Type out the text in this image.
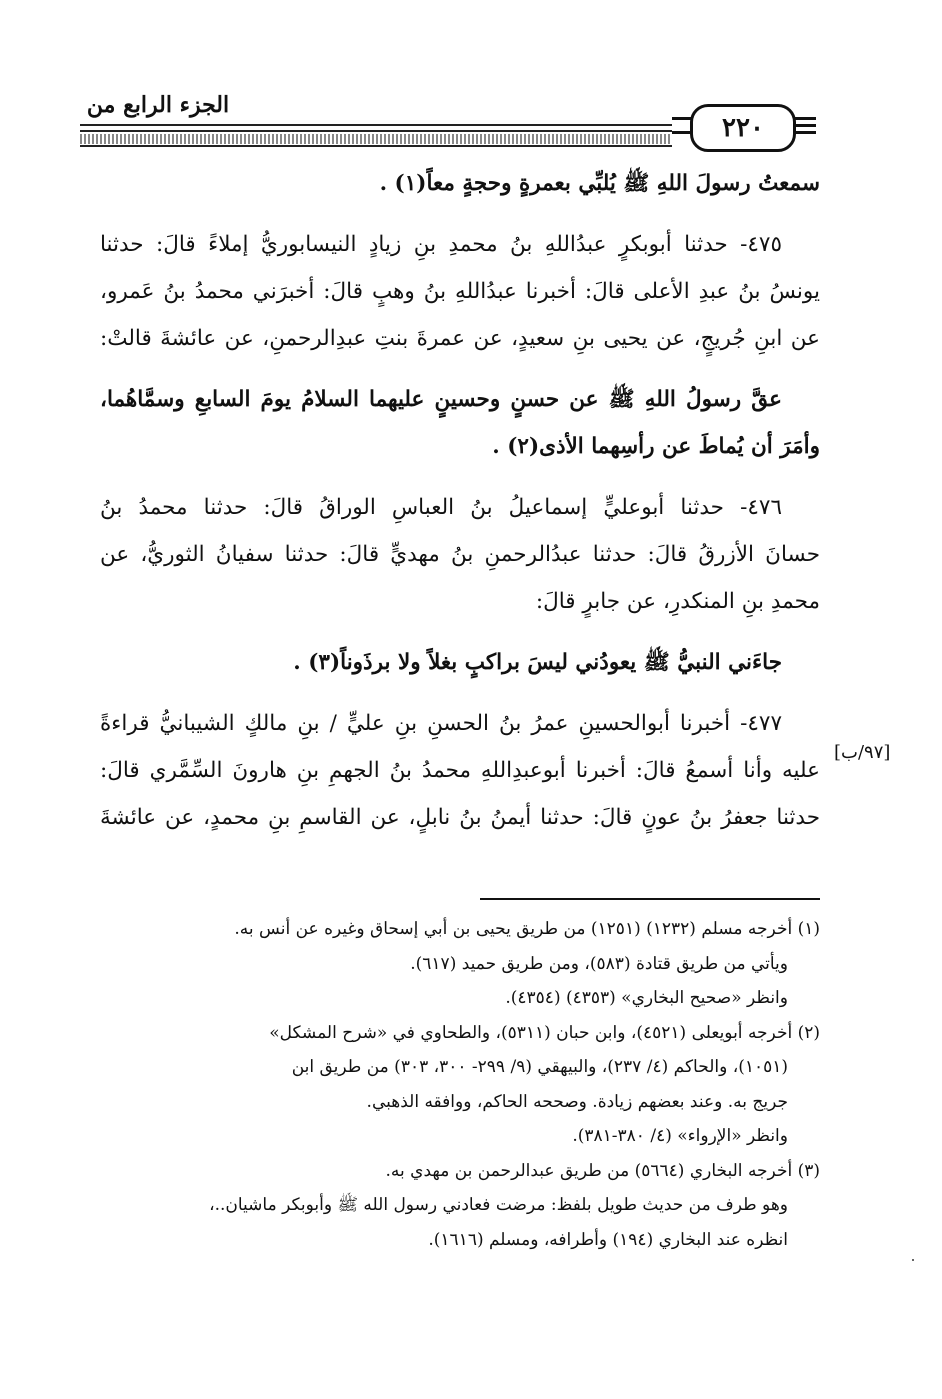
الجزء الرابع من
٢٢٠
سمعتُ رسولَ اللهِ ﷺ يُلبِّي بعمرةٍ وحجةٍ معاً(١) .
٤٧٥- حدثنا أبوبكرٍ عبدُاللهِ بنُ محمدِ بنِ زيادٍ النيسابوريُّ إملاءً قالَ: حدثنا
يونسُ بنُ عبدِ الأعلى قالَ: أخبرنا عبدُاللهِ بنُ وهبٍ قالَ: أخبرَني محمدُ بنُ عَمرو،
عن ابنِ جُريجٍ، عن يحيى بنِ سعيدٍ، عن عمرةَ بنتِ عبدِالرحمنِ، عن عائشةَ قالتْ:
عقَّ رسولُ اللهِ ﷺ عن حسنٍ وحسينٍ عليهما السلامُ يومَ السابعِ وسمَّاهُما،
وأمَرَ أن يُماطَ عن رأسِهما الأذى(٢) .
٤٧٦- حدثنا أبوعليٍّ إسماعيلُ بنُ العباسِ الوراقُ قالَ: حدثنا محمدُ بنُ
حسانَ الأزرقُ قالَ: حدثنا عبدُالرحمنِ بنُ مهديٍّ قالَ: حدثنا سفيانُ الثوريُّ، عن
محمدِ بنِ المنكدرِ، عن جابرٍ قالَ:
جاءَني النبيُّ ﷺ يعودُني ليسَ براكبٍ بغلاً ولا برذَوناً(٣) .
٤٧٧- أخبرنا أبوالحسينِ عمرُ بنُ الحسنِ بنِ عليٍّ / بنِ مالكٍ الشيبانيُّ قراءةً
عليه وأنا أسمعُ قالَ: أخبرنا أبوعبدِاللهِ محمدُ بنُ الجهمِ بنِ هارونَ السِّمَّري قالَ:
حدثنا جعفرُ بنُ عونٍ قالَ: حدثنا أيمنُ بنُ نابلٍ، عن القاسمِ بنِ محمدٍ، عن عائشةَ
[٩٧/ب]
(١) أخرجه مسلم (١٢٣٢) (١٢٥١) من طريق يحيى بن أبي إسحاق وغيره عن أنس به.
ويأتي من طريق قتادة (٥٨٣)، ومن طريق حميد (٦١٧).
وانظر «صحيح البخاري» (٤٣٥٣) (٤٣٥٤).
(٢) أخرجه أبويعلى (٤٥٢١)، وابن حبان (٥٣١١)، والطحاوي في «شرح المشكل»
(١٠٥١)، والحاكم (٤/ ٢٣٧)، والبيهقي (٩/ ٢٩٩- ٣٠٠، ٣٠٣) من طريق ابن
جريج به. وعند بعضهم زيادة. وصححه الحاكم، ووافقه الذهبي.
وانظر «الإرواء» (٤/ ٣٨٠-٣٨١).
(٣) أخرجه البخاري (٥٦٦٤) من طريق عبدالرحمن بن مهدي به.
وهو طرف من حديث طويل بلفظ: مرضت فعادني رسول الله ﷺ وأبوبكر ماشيان..،
انظره عند البخاري (١٩٤) وأطرافه، ومسلم (١٦١٦).
